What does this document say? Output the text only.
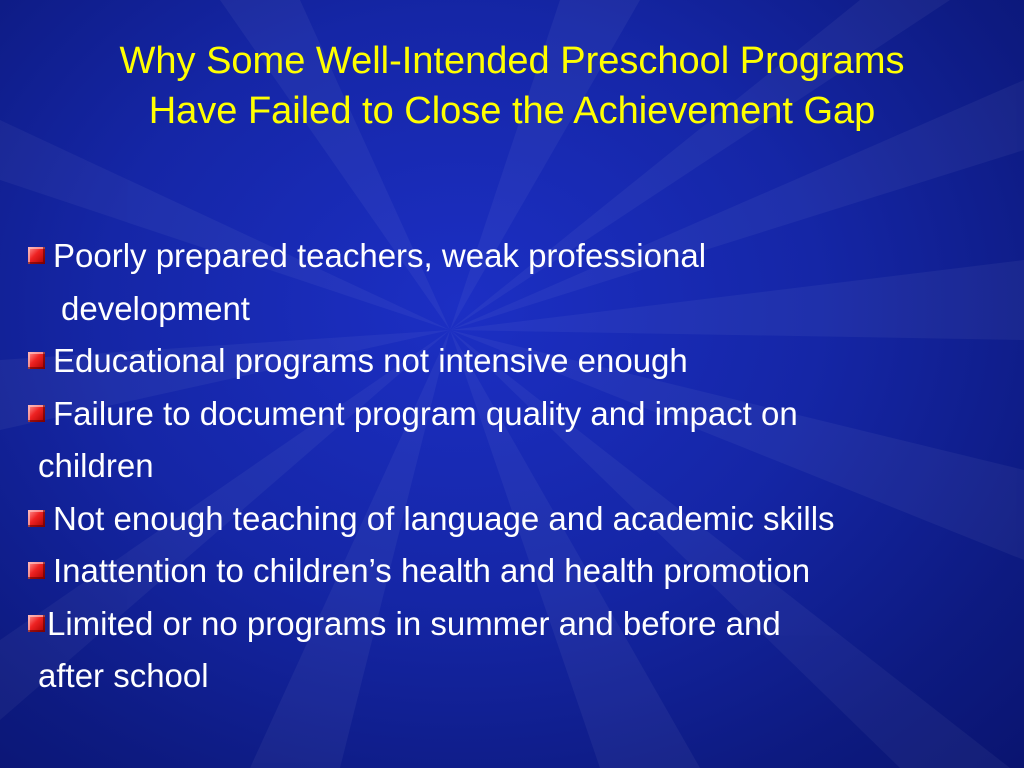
Why Some Well-Intended Preschool Programs
Have Failed to Close the Achievement Gap
Poorly prepared teachers, weak professional
development
Educational programs not intensive enough
Failure to document program quality and impact on
children
Not enough teaching of language and academic skills
Inattention to children’s health and health promotion
Limited or no programs in summer and before and
after school
